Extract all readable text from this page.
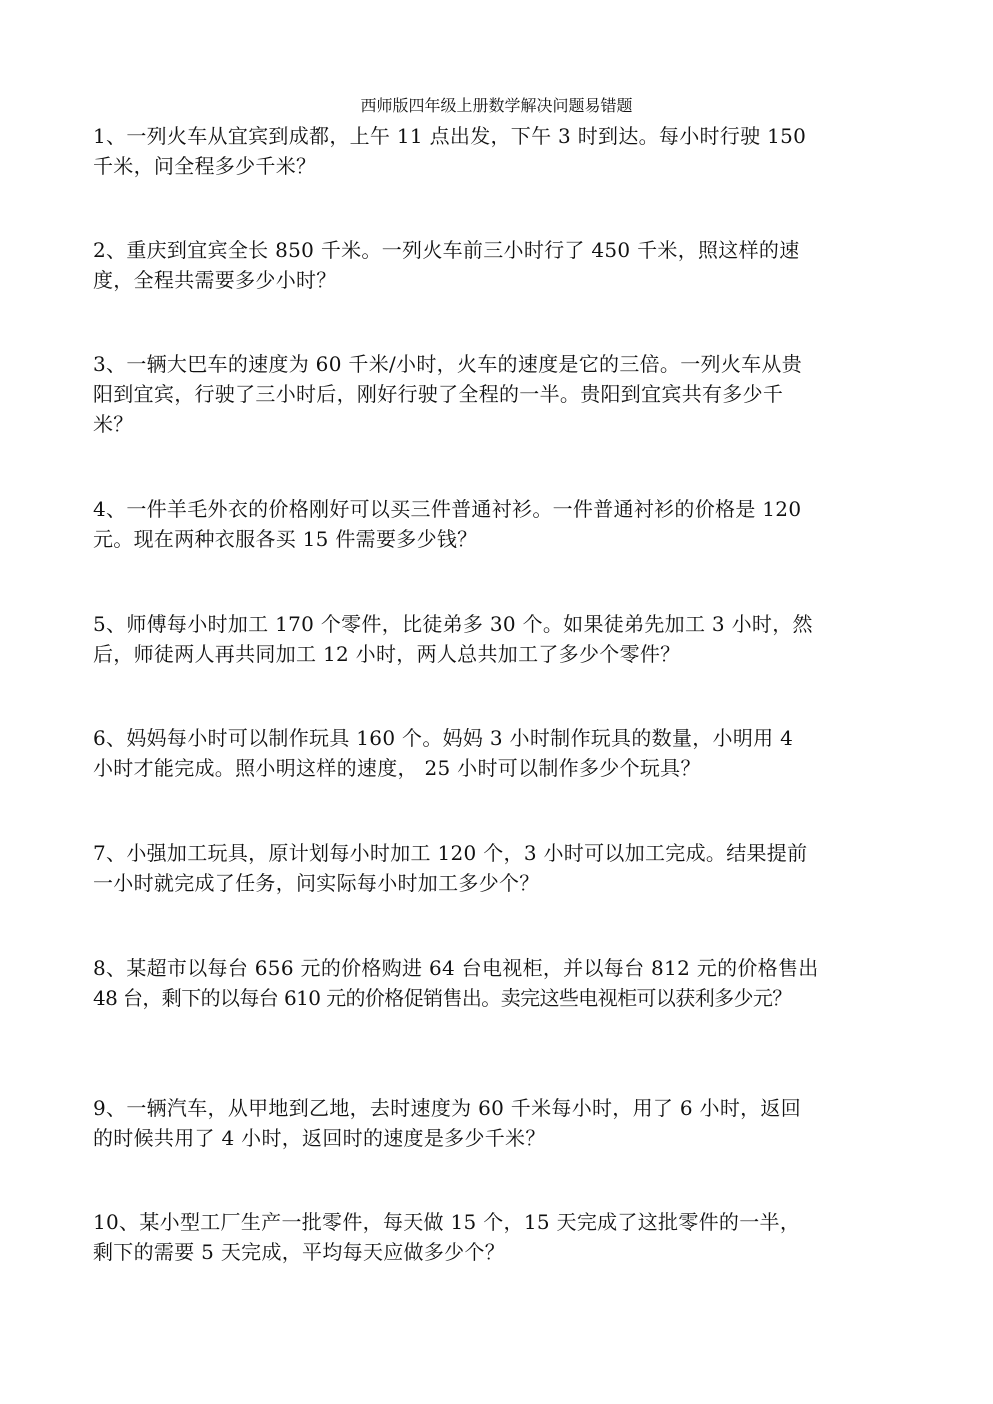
西师版四年级上册数学解决问题易错题
1、一列火车从宜宾到成都，上午 11 点出发，下午 3 时到达。每小时行驶 150
千米，问全程多少千米？
2、重庆到宜宾全长 850 千米。一列火车前三小时行了 450 千米，照这样的速
度，全程共需要多少小时？
3、一辆大巴车的速度为 60 千米/小时，火车的速度是它的三倍。一列火车从贵
阳到宜宾，行驶了三小时后，刚好行驶了全程的一半。贵阳到宜宾共有多少千
米？
4、一件羊毛外衣的价格刚好可以买三件普通衬衫。一件普通衬衫的价格是 120
元。现在两种衣服各买 15 件需要多少钱？
5、师傅每小时加工 170 个零件，比徒弟多 30 个。如果徒弟先加工 3 小时，然
后，师徒两人再共同加工 12 小时，两人总共加工了多少个零件？
6、妈妈每小时可以制作玩具 160 个。妈妈 3 小时制作玩具的数量，小明用 4
小时才能完成。照小明这样的速度， 25 小时可以制作多少个玩具？
7、小强加工玩具，原计划每小时加工 120 个，3 小时可以加工完成。结果提前
一小时就完成了任务，问实际每小时加工多少个？
8、某超市以每台 656 元的价格购进 64 台电视柜，并以每台 812 元的价格售出
48 台，剩下的以每台 610 元的价格促销售出。卖完这些电视柜可以获利多少元？
9、一辆汽车，从甲地到乙地，去时速度为 60 千米每小时，用了 6 小时，返回
的时候共用了 4 小时，返回时的速度是多少千米？
10、某小型工厂生产一批零件，每天做 15 个，15 天完成了这批零件的一半，
剩下的需要 5 天完成，平均每天应做多少个？
